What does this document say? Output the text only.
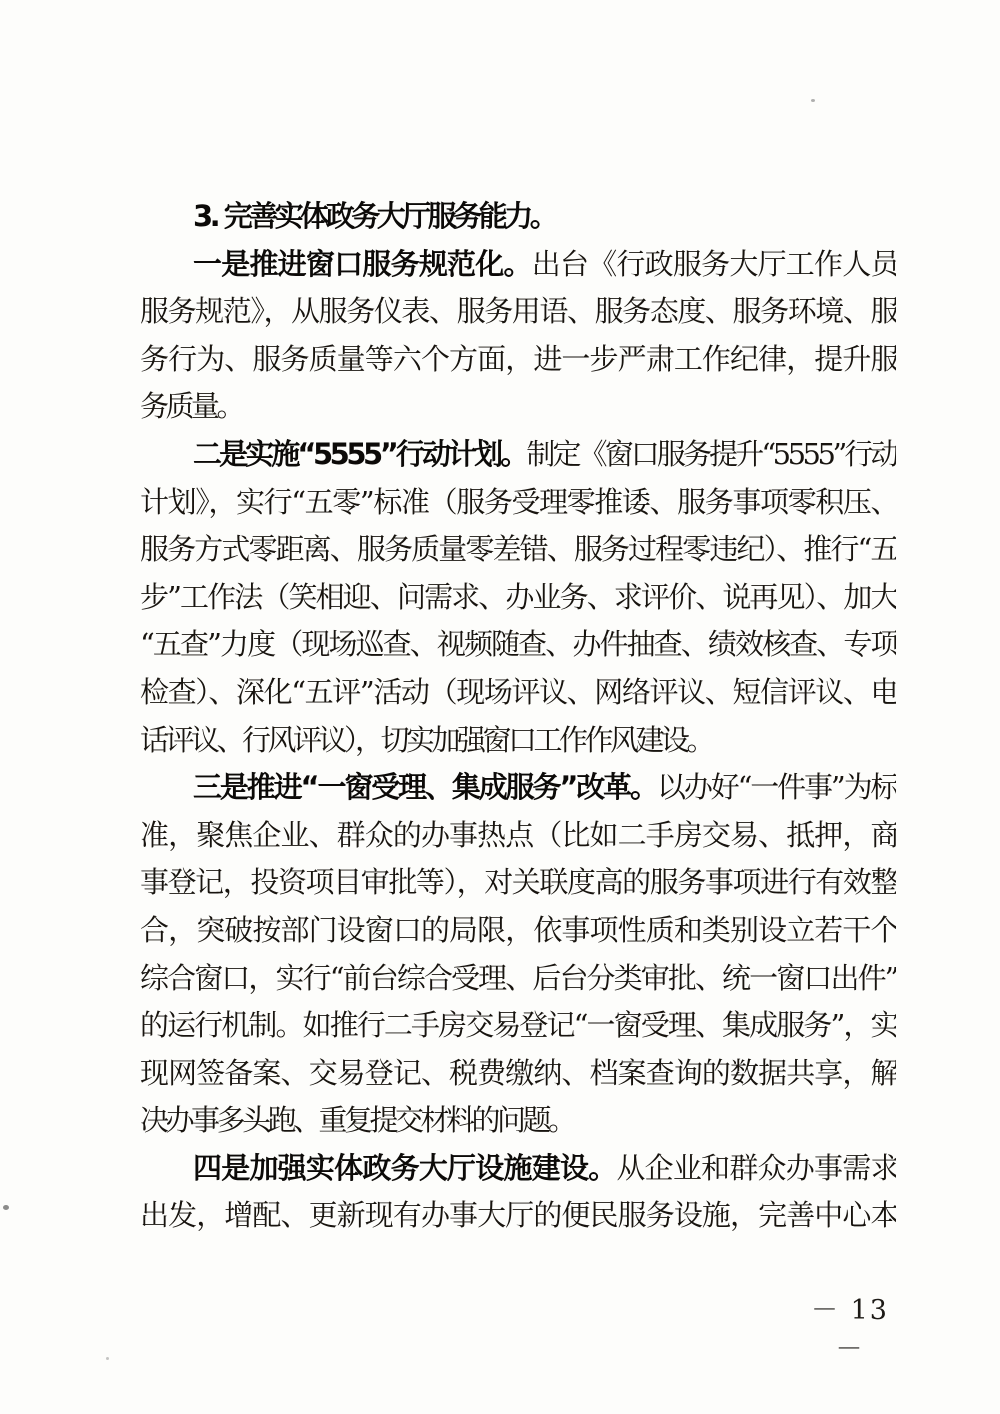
3. 完善实体政务大厅服务能力。
一是推进窗口服务规范化。出台《行政服务大厅工作人员
服务规范》，从服务仪表、服务用语、服务态度、服务环境、服
务行为、服务质量等六个方面，进一步严肃工作纪律，提升服
务质量。
二是实施“5555”行动计划。制定《窗口服务提升“5555”行动
计划》，实行“五零”标准（服务受理零推诿、服务事项零积压、
服务方式零距离、服务质量零差错、服务过程零违纪）、推行“五
步”工作法（笑相迎、问需求、办业务、求评价、说再见）、加大
“五查”力度（现场巡查、视频随查、办件抽查、绩效核查、专项
检查）、深化“五评”活动（现场评议、网络评议、短信评议、电
话评议、行风评议），切实加强窗口工作作风建设。
三是推进“一窗受理、集成服务”改革。以办好“一件事”为标
准，聚焦企业、群众的办事热点（比如二手房交易、抵押，商
事登记，投资项目审批等），对关联度高的服务事项进行有效整
合，突破按部门设窗口的局限，依事项性质和类别设立若干个
综合窗口，实行“前台综合受理、后台分类审批、统一窗口出件”
的运行机制。如推行二手房交易登记“一窗受理、集成服务”，实
现网签备案、交易登记、税费缴纳、档案查询的数据共享，解
决办事多头跑、重复提交材料的问题。
四是加强实体政务大厅设施建设。从企业和群众办事需求
出发，增配、更新现有办事大厅的便民服务设施，完善中心本
－ 13 －
